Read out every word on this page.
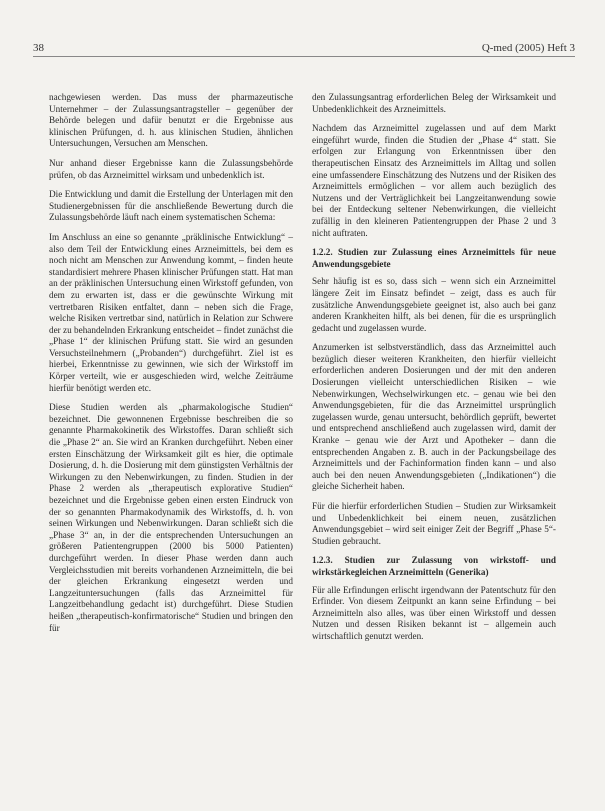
38	Q-med (2005) Heft 3

nachgewiesen werden. Das muss der pharmazeutische Unternehmer – der Zulassungsantragsteller – gegenüber der Behörde belegen und dafür benutzt er die Ergebnisse aus klinischen Prüfungen, d. h. aus klinischen Studien, ähnlichen Untersuchungen, Versuchen am Menschen.

Nur anhand dieser Ergebnisse kann die Zulassungsbehörde prüfen, ob das Arzneimittel wirksam und unbedenklich ist.

Die Entwicklung und damit die Erstellung der Unterlagen mit den Studienergebnissen für die anschließende Bewertung durch die Zulassungsbehörde läuft nach einem systematischen Schema:

Im Anschluss an eine so genannte „präklinische Entwicklung“ – also dem Teil der Entwicklung eines Arzneimittels, bei dem es noch nicht am Menschen zur Anwendung kommt, – finden heute standardisiert mehrere Phasen klinischer Prüfungen statt. Hat man an der präklinischen Untersuchung einen Wirkstoff gefunden, von dem zu erwarten ist, dass er die gewünschte Wirkung mit vertretbaren Risiken entfaltet, dann – neben sich die Frage, welche Risiken vertretbar sind, natürlich in Relation zur Schwere der zu behandelnden Erkrankung entscheidet – findet zunächst die „Phase 1“ der klinischen Prüfung statt. Sie wird an gesunden Versuchsteilnehmern („Probanden“) durchgeführt. Ziel ist es hierbei, Erkenntnisse zu gewinnen, wie sich der Wirkstoff im Körper verteilt, wie er ausgeschieden wird, welche Zeiträume hierfür benötigt werden etc.

Diese Studien werden als „pharmakologische Studien“ bezeichnet. Die gewonnenen Ergebnisse beschreiben die so genannte Pharmakokinetik des Wirkstoffes. Daran schließt sich die „Phase 2“ an. Sie wird an Kranken durchgeführt. Neben einer ersten Einschätzung der Wirksamkeit gilt es hier, die optimale Dosierung, d. h. die Dosierung mit dem günstigsten Verhältnis der Wirkungen zu den Nebenwirkungen, zu finden. Studien in der Phase 2 werden als „therapeutisch explorative Studien“ bezeichnet und die Ergebnisse geben einen ersten Eindruck von der so genannten Pharmakodynamik des Wirkstoffs, d. h. von seinen Wirkungen und Nebenwirkungen. Daran schließt sich die „Phase 3“ an, in der die entsprechenden Untersuchungen an größeren Patientengruppen (2000 bis 5000 Patienten) durchgeführt werden. In dieser Phase werden dann auch Vergleichsstudien mit bereits vorhandenen Arzneimitteln, die bei der gleichen Erkrankung eingesetzt werden und Langzeituntersuchungen (falls das Arzneimittel für Langzeitbehandlung gedacht ist) durchgeführt. Diese Studien heißen „therapeutisch-konfirmatorische“ Studien und bringen den für

den Zulassungsantrag erforderlichen Beleg der Wirksamkeit und Unbedenklichkeit des Arzneimittels.

Nachdem das Arzneimittel zugelassen und auf dem Markt eingeführt wurde, finden die Studien der „Phase 4“ statt. Sie erfolgen zur Erlangung von Erkenntnissen über den therapeutischen Einsatz des Arzneimittels im Alltag und sollen eine umfassendere Einschätzung des Nutzens und der Risiken des Arzneimittels ermöglichen – vor allem auch bezüglich des Nutzens und der Verträglichkeit bei Langzeitanwendung sowie bei der Entdeckung seltener Nebenwirkungen, die vielleicht zufällig in den kleineren Patientengruppen der Phase 2 und 3 nicht auftraten.

1.2.2. Studien zur Zulassung eines Arzneimittels für neue Anwendungsgebiete

Sehr häufig ist es so, dass sich – wenn sich ein Arzneimittel längere Zeit im Einsatz befindet – zeigt, dass es auch für zusätzliche Anwendungsgebiete geeignet ist, also auch bei ganz anderen Krankheiten hilft, als bei denen, für die es ursprünglich gedacht und zugelassen wurde.

Anzumerken ist selbstverständlich, dass das Arzneimittel auch bezüglich dieser weiteren Krankheiten, den hierfür vielleicht erforderlichen anderen Dosierungen und der mit den anderen Dosierungen vielleicht unterschiedlichen Risiken – wie Nebenwirkungen, Wechselwirkungen etc. – genau wie bei den Anwendungsgebieten, für die das Arzneimittel ursprünglich zugelassen wurde, genau untersucht, behördlich geprüft, bewertet und entsprechend anschließend auch zugelassen wird, damit der Kranke – genau wie der Arzt und Apotheker – dann die entsprechenden Angaben z. B. auch in der Packungsbeilage des Arzneimittels und der Fachinformation finden kann – und also auch bei den neuen Anwendungsgebieten („Indikationen“) die gleiche Sicherheit haben.

Für die hierfür erforderlichen Studien – Studien zur Wirksamkeit und Unbedenklichkeit bei einem neuen, zusätzlichen Anwendungsgebiet – wird seit einiger Zeit der Begriff „Phase 5“-Studien gebraucht.

1.2.3. Studien zur Zulassung von wirkstoff- und wirkstärkegleichen Arzneimitteln (Generika)

Für alle Erfindungen erlischt irgendwann der Patentschutz für den Erfinder. Von diesem Zeitpunkt an kann seine Erfindung – bei Arzneimitteln also alles, was über einen Wirkstoff und dessen Nutzen und dessen Risiken bekannt ist – allgemein auch wirtschaftlich genutzt werden.
